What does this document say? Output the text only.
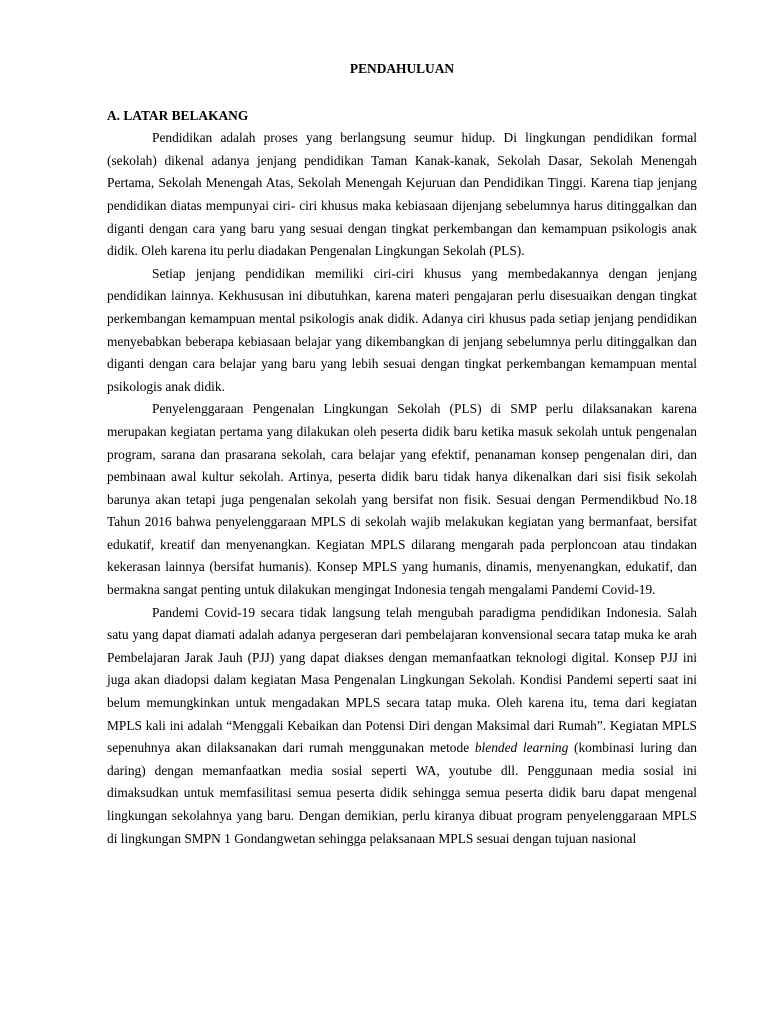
PENDAHULUAN
A. LATAR BELAKANG

Pendidikan adalah proses yang berlangsung seumur hidup. Di lingkungan pendidikan formal (sekolah) dikenal adanya jenjang pendidikan Taman Kanak-kanak, Sekolah Dasar, Sekolah Menengah Pertama, Sekolah Menengah Atas, Sekolah Menengah Kejuruan dan Pendidikan Tinggi. Karena tiap jenjang pendidikan diatas mempunyai ciri- ciri khusus maka kebiasaan dijenjang sebelumnya harus ditinggalkan dan diganti dengan cara yang baru yang sesuai dengan tingkat perkembangan dan kemampuan psikologis anak didik. Oleh karena itu perlu diadakan Pengenalan Lingkungan Sekolah (PLS).

Setiap jenjang pendidikan memiliki ciri-ciri khusus yang membedakannya dengan jenjang pendidikan lainnya. Kekhususan ini dibutuhkan, karena materi pengajaran perlu disesuaikan dengan tingkat perkembangan kemampuan mental psikologis anak didik. Adanya ciri khusus pada setiap jenjang pendidikan menyebabkan beberapa kebiasaan belajar yang dikembangkan di jenjang sebelumnya perlu ditinggalkan dan diganti dengan cara belajar yang baru yang lebih sesuai dengan tingkat perkembangan kemampuan mental psikologis anak didik.

Penyelenggaraan Pengenalan Lingkungan Sekolah (PLS) di SMP perlu dilaksanakan karena merupakan kegiatan pertama yang dilakukan oleh peserta didik baru ketika masuk sekolah untuk pengenalan program, sarana dan prasarana sekolah, cara belajar yang efektif, penanaman konsep pengenalan diri, dan pembinaan awal kultur sekolah. Artinya, peserta didik baru tidak hanya dikenalkan dari sisi fisik sekolah barunya akan tetapi juga pengenalan sekolah yang bersifat non fisik. Sesuai dengan Permendikbud No.18 Tahun 2016 bahwa penyelenggaraan MPLS di sekolah wajib melakukan kegiatan yang bermanfaat, bersifat edukatif, kreatif dan menyenangkan. Kegiatan MPLS dilarang mengarah pada perploncoan atau tindakan kekerasan lainnya (bersifat humanis). Konsep MPLS yang humanis, dinamis, menyenangkan, edukatif, dan bermakna sangat penting untuk dilakukan mengingat Indonesia tengah mengalami Pandemi Covid-19.

Pandemi Covid-19 secara tidak langsung telah mengubah paradigma pendidikan Indonesia. Salah satu yang dapat diamati adalah adanya pergeseran dari pembelajaran konvensional secara tatap muka ke arah Pembelajaran Jarak Jauh (PJJ) yang dapat diakses dengan memanfaatkan teknologi digital. Konsep PJJ ini juga akan diadopsi dalam kegiatan Masa Pengenalan Lingkungan Sekolah. Kondisi Pandemi seperti saat ini belum memungkinkan untuk mengadakan MPLS secara tatap muka. Oleh karena itu, tema dari kegiatan MPLS kali ini adalah “Menggali Kebaikan dan Potensi Diri dengan Maksimal dari Rumah”. Kegiatan MPLS sepenuhnya akan dilaksanakan dari rumah menggunakan metode blended learning (kombinasi luring dan daring) dengan memanfaatkan media sosial seperti WA, youtube dll. Penggunaan media sosial ini dimaksudkan untuk memfasilitasi semua peserta didik sehingga semua peserta didik baru dapat mengenal lingkungan sekolahnya yang baru. Dengan demikian, perlu kiranya dibuat program penyelenggaraan MPLS di lingkungan SMPN 1 Gondangwetan sehingga pelaksanaan MPLS sesuai dengan tujuan nasional
